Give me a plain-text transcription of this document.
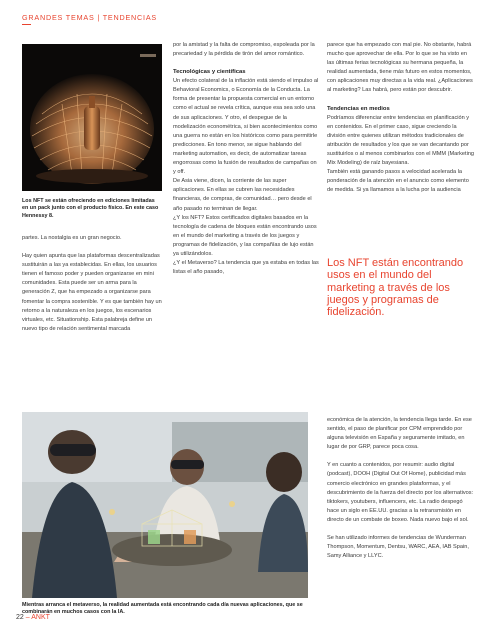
GRANDES TEMAS | TENDENCIAS
Los NFT se están ofreciendo en ediciones limitadas en un pack junto con el producto físico. En este caso Hennessy 8.

partes. La nostalgia es un gran negocio.

Hay quien apunta que las plataformas descentralizadas sustituirán a las ya establecidas. En ellas, los usuarios tienen el famoso poder y pueden organizarse en mini comunidades. Esta puede ser un arma para la generación Z, que ha empezado a organizarse para fomentar la compra sostenible. Y es que también hay un retorno a la naturaleza en los juegos, los escenarios virtuales, etc. Situationship. Esta palabreja define un nuevo tipo de relación sentimental marcada

por la amistad y la falta de compromiso, espoleada por la precariedad y la pérdida de tirón del amor romántico.

Tecnológicas y científicas

Un efecto colateral de la inflación está siendo el impulso al Behavioral Economics, o Economía de la Conducta. La forma de presentar la propuesta comercial en un entorno como el actual se revela crítica, aunque esa sea solo una de sus aplicaciones. Y otro, el despegue de la modelización econométrica, si bien acontecimientos como una guerra no están en los históricos como para permitirle predicciones. En tono menor, se sigue hablando del marketing automation, es decir, de automatizar tareas engorrosas como la fusión de resultados de campañas on y off.

De Asia viene, dicen, la corriente de las super aplicaciones. En ellas se cubren las necesidades financieras, de compras, de comunidad… pero desde el año pasado no terminan de llegar.

¿Y los NFT? Estos certificados digitales basados en la tecnología de cadena de bloques están encontrando usos en el mundo del marketing a través de los juegos y programas de fidelización, y las compañías de lujo están ya utilizándolos.

¿Y el Metaverso? La tendencia que ya estaba en todas las listas el año pasado,

parece que ha empezado con mal pie. No obstante, habrá mucho que aprovechar de ella. Por lo que se ha visto en las últimas ferias tecnológicas su hermana pequeña, la realidad aumentada, tiene más futuro en estos momentos, con aplicaciones muy directas a la vida real. ¿Aplicaciones al marketing? Las habrá, pero están por descubrir.

Tendencias en medios

Podríamos diferenciar entre tendencias en planificación y en contenidos. En el primer caso, sigue creciendo la división entre quienes utilizan métodos tradicionales de atribución de resultados y los que se van decantando por sustituirlos o al menos combinarlos con el MMM (Marketing Mix Modeling) de raíz bayesiana.

También está ganando pasos a velocidad acelerada la ponderación de la atención en el anuncio como elemento de medida. Si ya llamamos a la lucha por la audiencia

Los NFT están encontrando usos en el mundo del marketing a través de los juegos y programas de fidelización.
Mientras arranca el metaverso, la realidad aumentada está encontrando cada día nuevas aplicaciones, que se combinarán en muchos casos con la IA.

económica de la atención, la tendencia llega tarde. En ese sentido, el paso de planificar por CPM emprendido por alguna televisión en España y seguramente imitado, en lugar de por GRP, parece poca cosa.

Y en cuanto a contenidos, por resumir: audio digital (podcast), DOOH (Digital Out Of Home), publicidad más comercio electrónico en grandes plataformas, y el descubrimiento de la fuerza del directo por los alternativos: tiktokers, youtubers, influencers, etc. La radio despegó hace un siglo en EE.UU. gracias a la retransmisión en directo de un combate de boxeo. Nada nuevo bajo el sol.

Se han utilizado informes de tendencias de Wunderman Thompson, Momentum, Dentsu, WARC, AEA, IAB Spain, Samy Alliance y LLYC.

22 – ANKT
